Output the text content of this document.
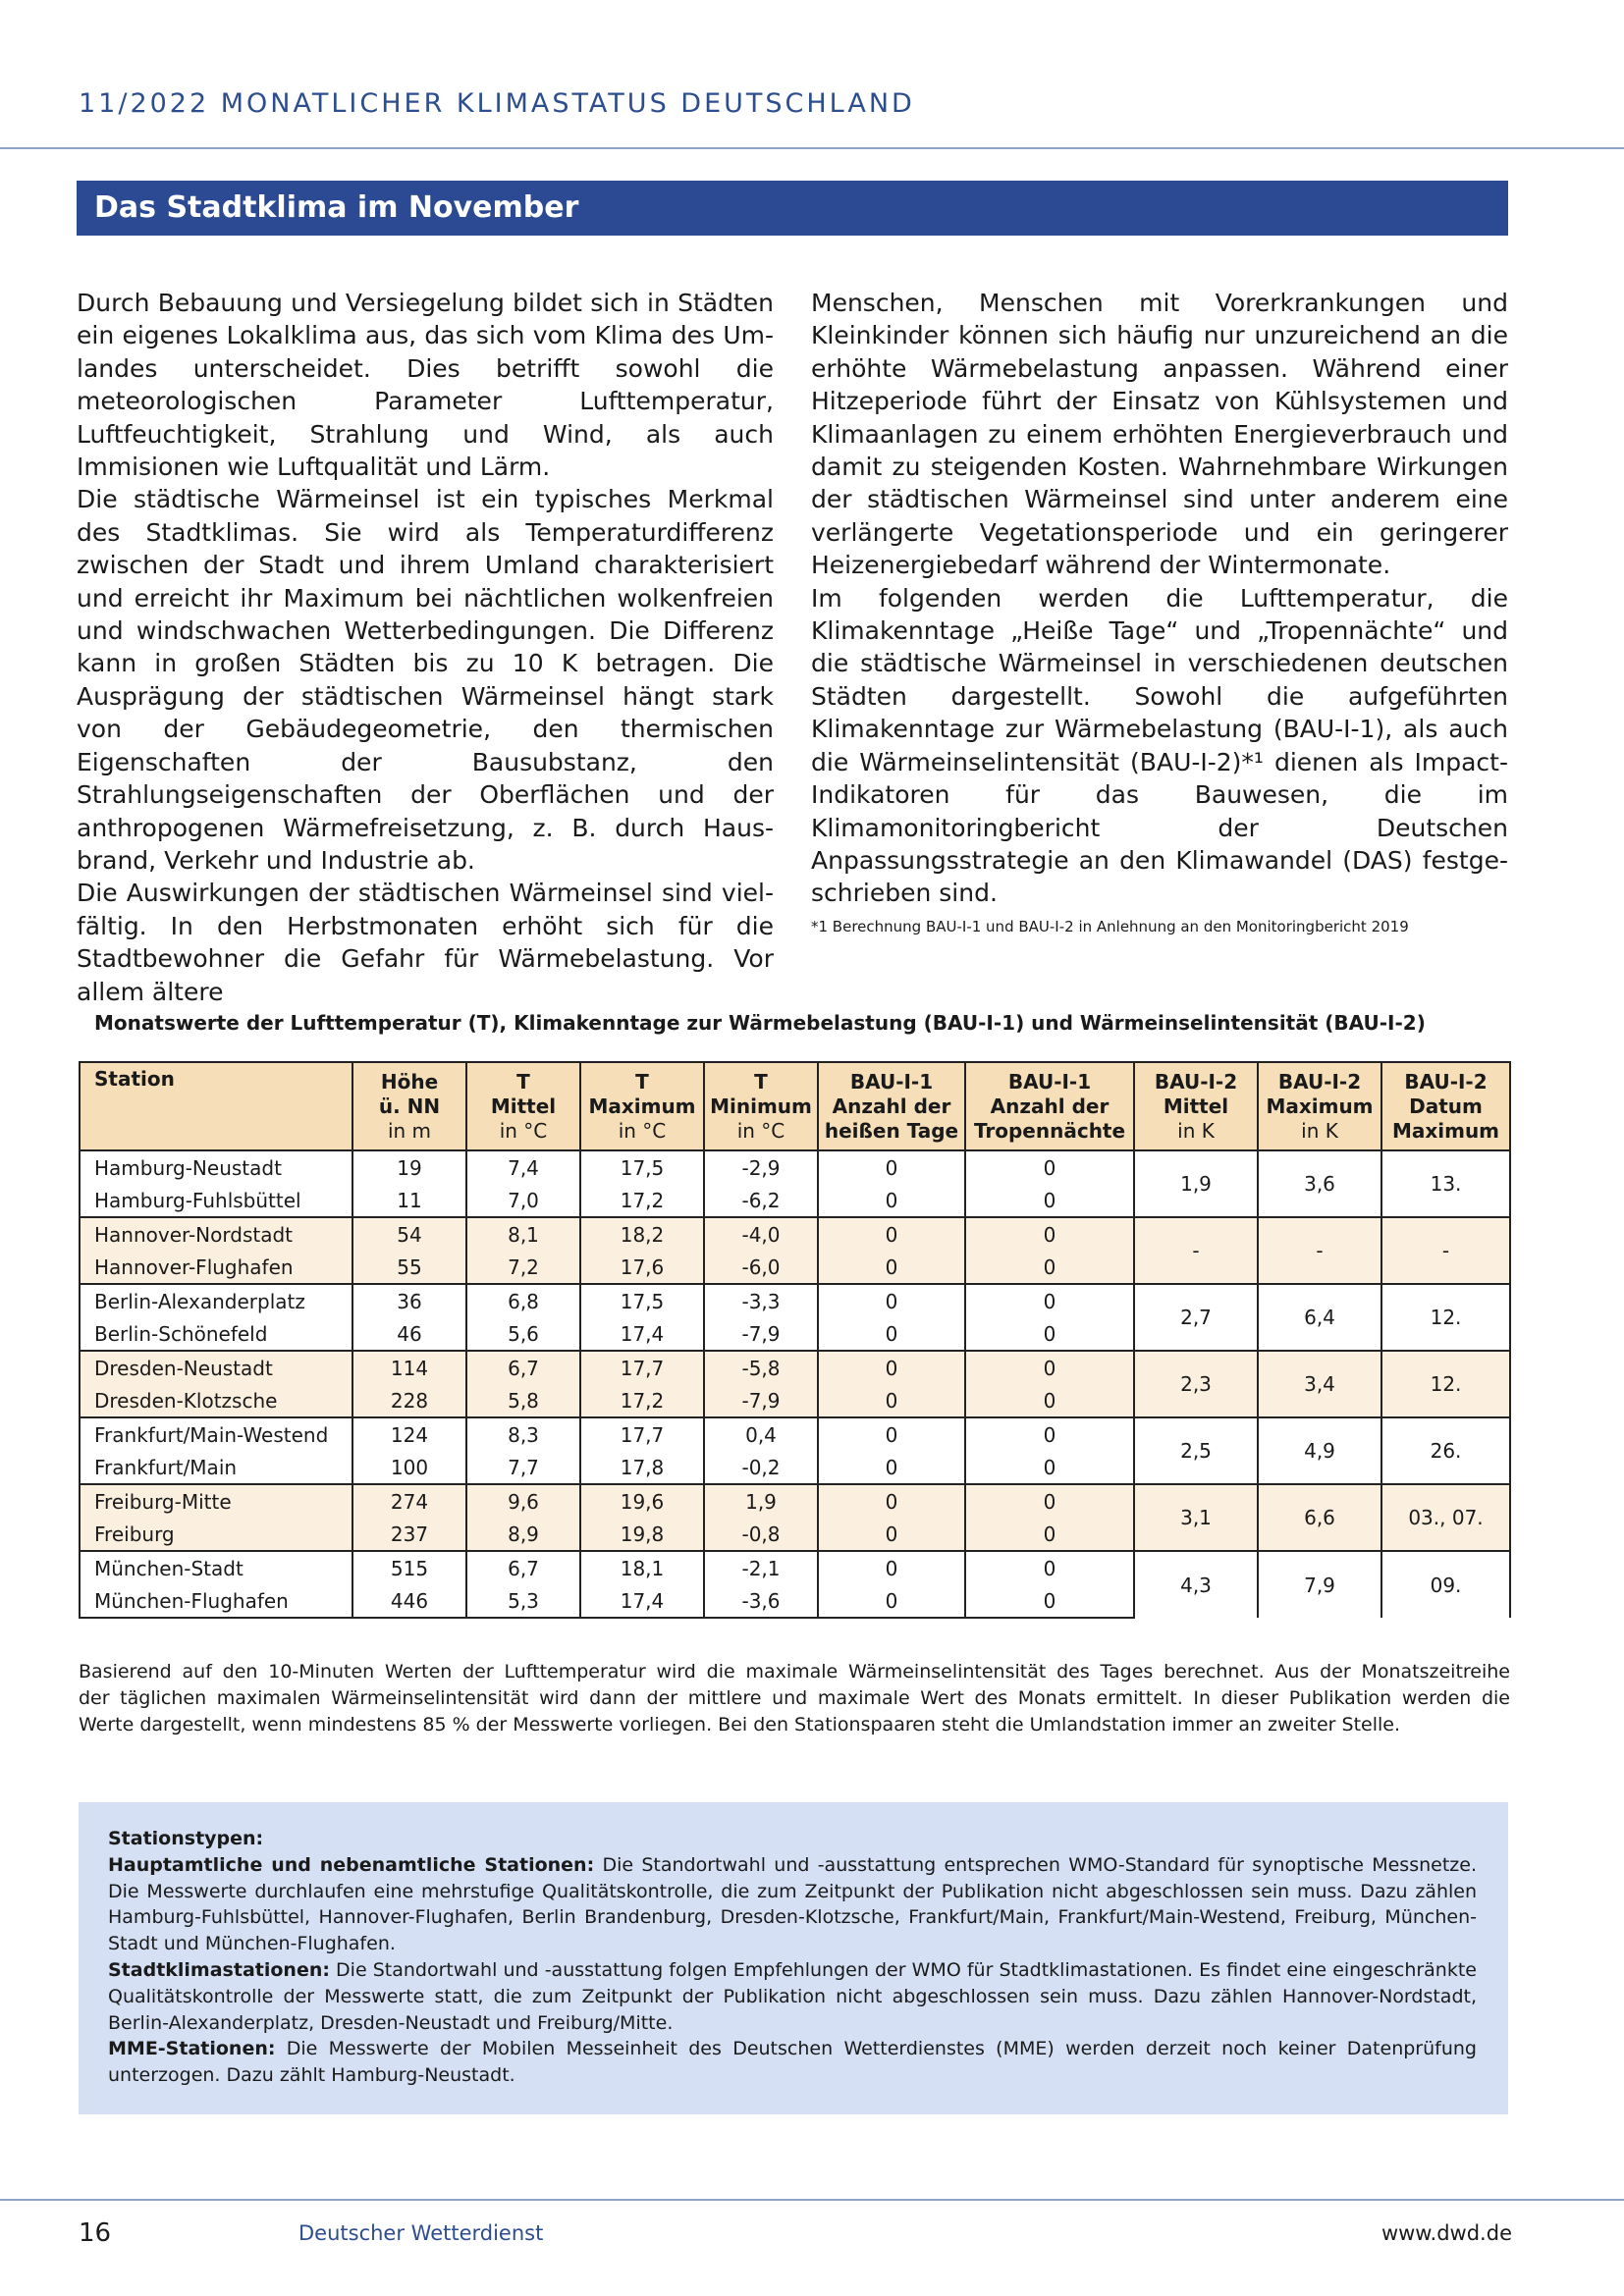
11/2022 MONATLICHER KLIMASTATUS DEUTSCHLAND
Das Stadtklima im November

Durch Bebauung und Versiegelung bildet sich in Städten ein eigenes Lokalklima aus, das sich vom Klima des Umlandes unterscheidet. Dies betrifft sowohl die meteorologischen Parameter Lufttemperatur, Luftfeuchtigkeit, Strahlung und Wind, als auch Immisionen wie Luftqualität und Lärm.

Die städtische Wärmeinsel ist ein typisches Merkmal des Stadtklimas. Sie wird als Temperaturdifferenz zwischen der Stadt und ihrem Umland charakterisiert und erreicht ihr Maximum bei nächtlichen wolkenfreien und windschwachen Wetterbedingungen. Die Differenz kann in großen Städten bis zu 10 K betragen. Die Ausprägung der städtischen Wärmeinsel hängt stark von der Gebäudegeometrie, den thermischen Eigenschaften der Bausubstanz, den Strahlungseigenschaften der Oberflächen und der anthropogenen Wärmefreisetzung, z. B. durch Hausbrand, Verkehr und Industrie ab.

Die Auswirkungen der städtischen Wärmeinsel sind vielfältig. In den Herbstmonaten erhöht sich für die Stadtbewohner die Gefahr für Wärmebelastung. Vor allem ältere

Menschen, Menschen mit Vorerkrankungen und Kleinkinder können sich häufig nur unzureichend an die erhöhte Wärmebelastung anpassen. Während einer Hitzeperiode führt der Einsatz von Kühlsystemen und Klimaanlagen zu einem erhöhten Energieverbrauch und damit zu steigenden Kosten. Wahrnehmbare Wirkungen der städtischen Wärmeinsel sind unter anderem eine verlängerte Vegetationsperiode und ein geringerer Heizenergiebedarf während der Wintermonate.

Im folgenden werden die Lufttemperatur, die Klimakenntage „Heiße Tage“ und „Tropennächte“ und die städtische Wärmeinsel in verschiedenen deutschen Städten dargestellt. Sowohl die aufgeführten Klimakenntage zur Wärmebelastung (BAU-I-1), als auch die Wärmeinselintensität (BAU-I-2)*¹ dienen als Impact-Indikatoren für das Bauwesen, die im Klimamonitoringbericht der Deutschen Anpassungsstrategie an den Klimawandel (DAS) festgeschrieben sind.

*1 Berechnung BAU-I-1 und BAU-I-2 in Anlehnung an den Monitoringbericht 2019
Monatswerte der Lufttemperatur (T), Klimakenntage zur Wärmebelastung (BAU-I-1) und Wärmeinselintensität (BAU-I-2)
Station	Höhe
ü. NN
in m	T
Mittel
in °C	T
Maximum
in °C	T
Minimum
in °C	BAU-I-1
Anzahl der
heißen Tage	BAU-I-1
Anzahl der
Tropennächte	BAU-I-2
Mittel
in K	BAU-I-2
Maximum
in K	BAU-I-2
Datum
Maximum
Hamburg-Neustadt	19	7,4	17,5	-2,9	0	0	1,9	3,6	13.
Hamburg-Fuhlsbüttel	11	7,0	17,2	-6,2	0	0			
Hannover-Nordstadt	54	8,1	18,2	-4,0	0	0	-	-	-
Hannover-Flughafen	55	7,2	17,6	-6,0	0	0			
Berlin-Alexanderplatz	36	6,8	17,5	-3,3	0	0	2,7	6,4	12.
Berlin-Schönefeld	46	5,6	17,4	-7,9	0	0			
Dresden-Neustadt	114	6,7	17,7	-5,8	0	0	2,3	3,4	12.
Dresden-Klotzsche	228	5,8	17,2	-7,9	0	0			
Frankfurt/Main-Westend	124	8,3	17,7	0,4	0	0	2,5	4,9	26.
Frankfurt/Main	100	7,7	17,8	-0,2	0	0			
Freiburg-Mitte	274	9,6	19,6	1,9	0	0	3,1	6,6	03., 07.
Freiburg	237	8,9	19,8	-0,8	0	0			
München-Stadt	515	6,7	18,1	-2,1	0	0	4,3	7,9	09.
München-Flughafen	446	5,3	17,4	-3,6	0	0			
Basierend auf den 10-Minuten Werten der Lufttemperatur wird die maximale Wärmeinselintensität des Tages berechnet. Aus der Monatszeitreihe
der täglichen maximalen Wärmeinselintensität wird dann der mittlere und maximale Wert des Monats ermittelt. In dieser Publikation werden die
Werte dargestellt, wenn mindestens 85 % der Messwerte vorliegen. Bei den Stationspaaren steht die Umlandstation immer an zweiter Stelle.

Stationstypen:

Hauptamtliche und nebenamtliche Stationen: Die Standortwahl und -ausstattung entsprechen WMO-Standard für synoptische Messnetze. Die Messwerte durchlaufen eine mehrstufige Qualitätskontrolle, die zum Zeitpunkt der Publikation nicht abgeschlossen sein muss. Dazu zählen Hamburg-Fuhlsbüttel, Hannover-Flughafen, Berlin Brandenburg, Dresden-Klotzsche, Frankfurt/Main, Frankfurt/Main-Westend, Freiburg, München-Stadt und München-Flughafen.

Stadtklimastationen: Die Standortwahl und -ausstattung folgen Empfehlungen der WMO für Stadtklimastationen. Es findet eine eingeschränkte Qualitätskontrolle der Messwerte statt, die zum Zeitpunkt der Publikation nicht abgeschlossen sein muss. Dazu zählen Hannover-Nordstadt, Berlin-Alexanderplatz, Dresden-Neustadt und Freiburg/Mitte.

MME-Stationen: Die Messwerte der Mobilen Messeinheit des Deutschen Wetterdienstes (MME) werden derzeit noch keiner Datenprüfung unterzogen. Dazu zählt Hamburg-Neustadt.

16	Deutscher Wetterdienst	www.dwd.de
